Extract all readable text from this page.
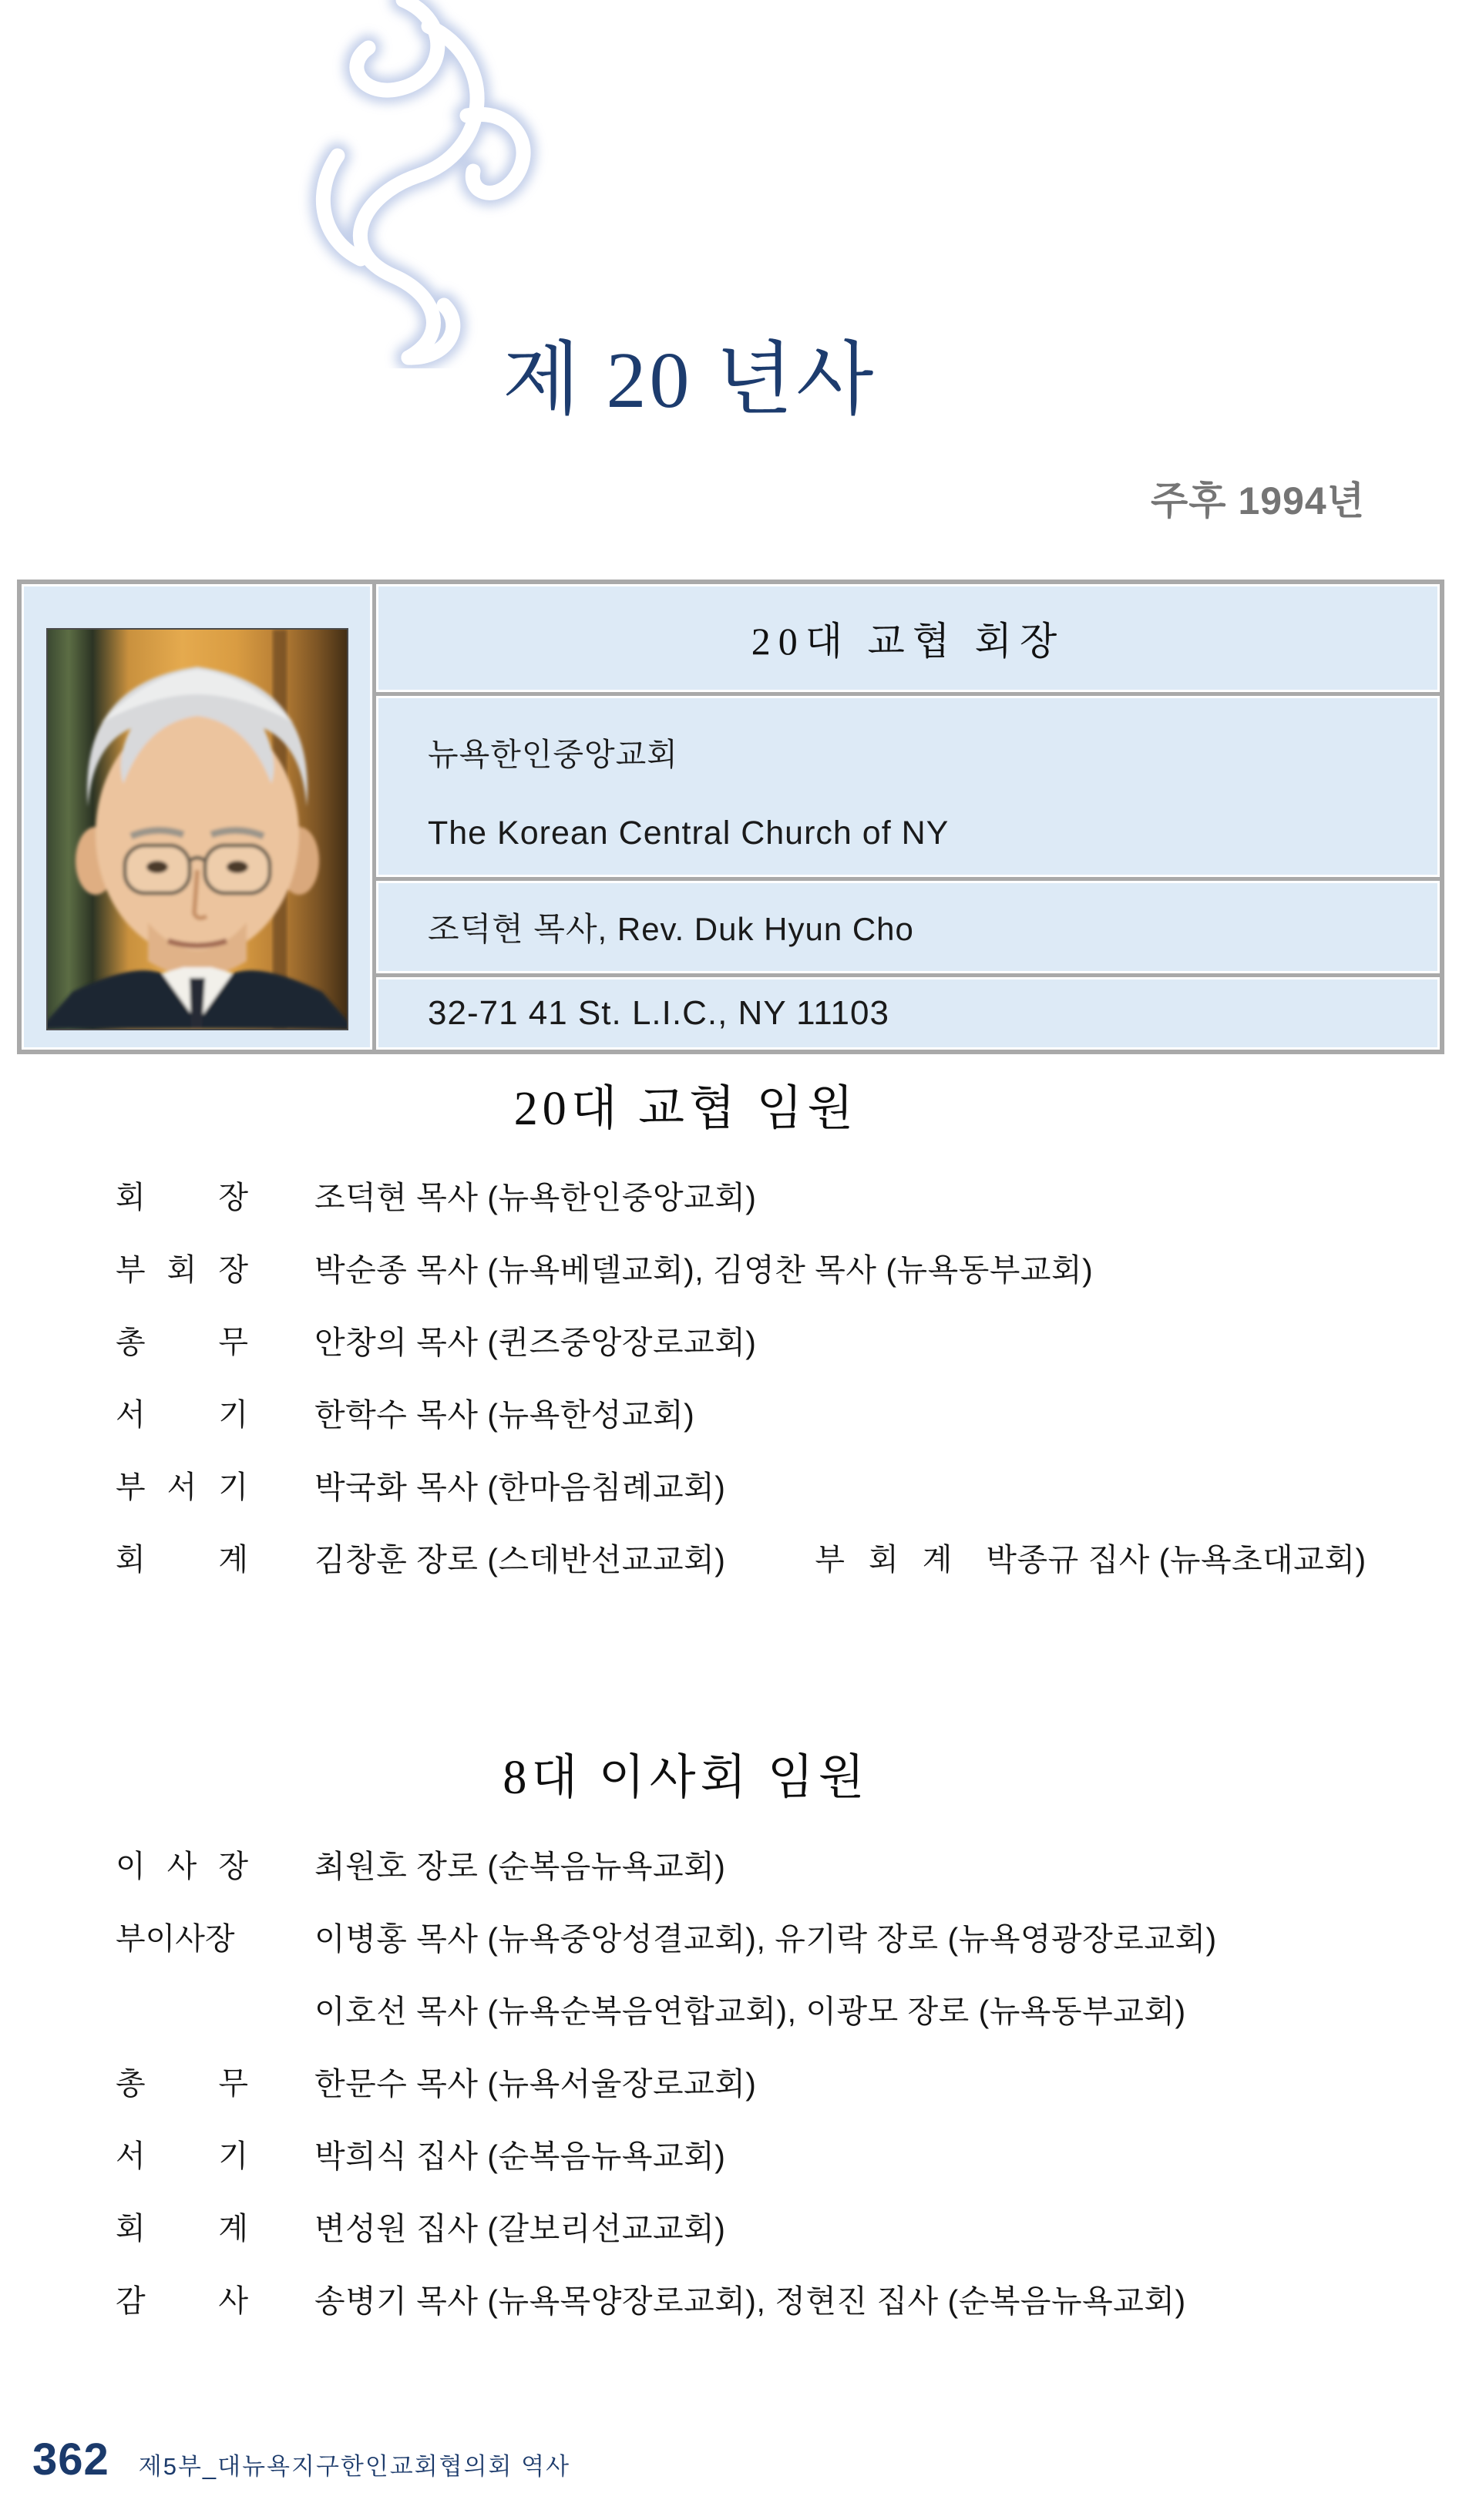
제 20 년사
주후 1994년
20대 교협 회장
뉴욕한인중앙교회
The Korean Central Church of NY
조덕현 목사, Rev. Duk Hyun Cho
32-71 41 St. L.I.C., NY 11103
20대 교협 임원
회 장 조덕현 목사 (뉴욕한인중앙교회)
부 회 장 박순종 목사 (뉴욕베델교회), 김영찬 목사 (뉴욕동부교회)
총 무 안창의 목사 (퀸즈중앙장로교회)
서 기 한학수 목사 (뉴욕한성교회)
부 서 기 박국화 목사 (한마음침례교회)
회 계 김창훈 장로 (스데반선교교회)	부 회 계 박종규 집사 (뉴욕초대교회)
8대 이사회 임원
이 사 장 최원호 장로 (순복음뉴욕교회)
부이사장	이병홍 목사 (뉴욕중앙성결교회), 유기락 장로 (뉴욕영광장로교회)
이호선 목사 (뉴욕순복음연합교회), 이광모 장로 (뉴욕동부교회)
총 무 한문수 목사 (뉴욕서울장로교회)
서 기 박희식 집사 (순복음뉴욕교회)
회 계 변성원 집사 (갈보리선교교회)
감 사 송병기 목사 (뉴욕목양장로교회), 정현진 집사 (순복음뉴욕교회)
362 제5부_대뉴욕지구한인교회협의회 역사
